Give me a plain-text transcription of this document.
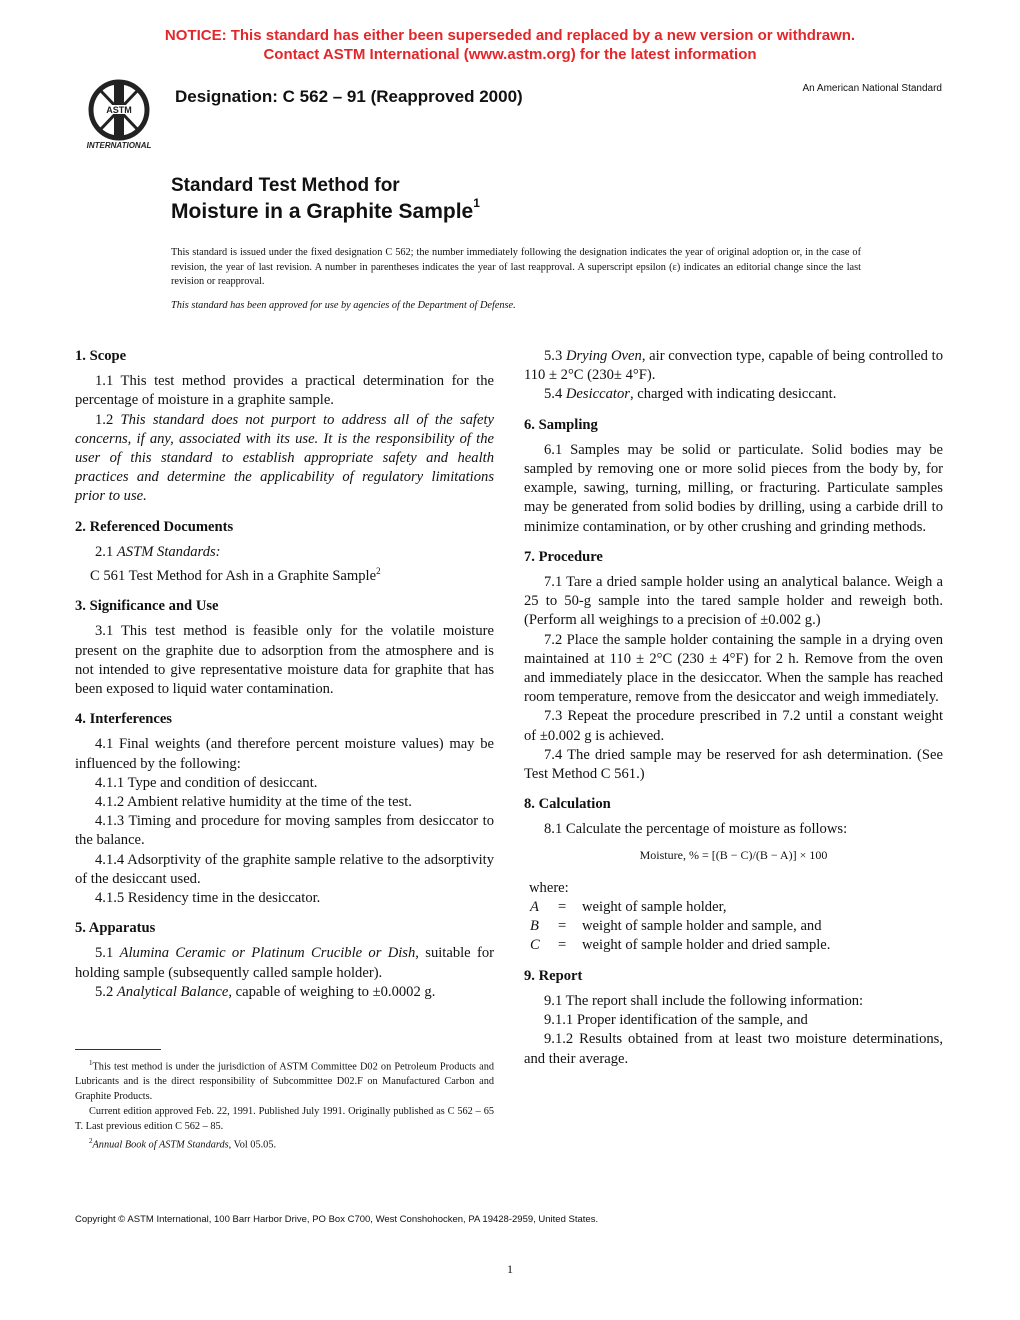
NOTICE: This standard has either been superseded and replaced by a new version or withdrawn.
Contact ASTM International (www.astm.org) for the latest information
ASTM
INTERNATIONAL
Designation: C 562 – 91 (Reapproved 2000)	An American National Standard
Standard Test Method for
Moisture in a Graphite Sample$^1$
This standard is issued under the fixed designation C 562; the number immediately following the designation indicates the year of original adoption or, in the case of revision, the year of last revision. A number in parentheses indicates the year of last reapproval. A superscript epsilon (ε) indicates an editorial change since the last revision or reapproval.
This standard has been approved for use by agencies of the Department of Defense.
1. Scope

1.1 This test method provides a practical determination for the percentage of moisture in a graphite sample.

1.2 This standard does not purport to address all of the safety concerns, if any, associated with its use. It is the responsibility of the user of this standard to establish appropriate safety and health practices and determine the applicability of regulatory limitations prior to use.

2. Referenced Documents

2.1 ASTM Standards:

C 561 Test Method for Ash in a Graphite Sample$^2$

3. Significance and Use

3.1 This test method is feasible only for the volatile moisture present on the graphite due to adsorption from the atmosphere and is not intended to give representative moisture data for graphite that has been exposed to liquid water contamination.

4. Interferences

4.1 Final weights (and therefore percent moisture values) may be influenced by the following:

4.1.1 Type and condition of desiccant.

4.1.2 Ambient relative humidity at the time of the test.

4.1.3 Timing and procedure for moving samples from desiccator to the balance.

4.1.4 Adsorptivity of the graphite sample relative to the adsorptivity of the desiccant used.

4.1.5 Residency time in the desiccator.

5. Apparatus

5.1 Alumina Ceramic or Platinum Crucible or Dish, suitable for holding sample (subsequently called sample holder).

5.2 Analytical Balance, capable of weighing to ±0.0002 g.

5.3 Drying Oven, air convection type, capable of being controlled to 110 ± 2°C (230± 4°F).

5.4 Desiccator, charged with indicating desiccant.

6. Sampling

6.1 Samples may be solid or particulate. Solid bodies may be sampled by removing one or more solid pieces from the body by, for example, sawing, turning, milling, or fracturing. Particulate samples may be generated from solid bodies by drilling, using a carbide drill to minimize contamination, or by other crushing and grinding methods.

7. Procedure

7.1 Tare a dried sample holder using an analytical balance. Weigh a 25 to 50-g sample into the tared sample holder and reweigh both. (Perform all weighings to a precision of ±0.002 g.)

7.2 Place the sample holder containing the sample in a drying oven maintained at 110 ± 2°C (230 ± 4°F) for 2 h. Remove from the oven and immediately place in the desiccator. When the sample has reached room temperature, remove from the desiccator and weigh immediately.

7.3 Repeat the procedure prescribed in 7.2 until a constant weight of ±0.002 g is achieved.

7.4 The dried sample may be reserved for ash determination. (See Test Method C 561.)

8. Calculation

8.1 Calculate the percentage of moisture as follows:

Moisture, % = [(B − C)/(B − A)] × 100

where:

A	=	weight of sample holder,
B	=	weight of sample holder and sample, and
C	=	weight of sample holder and dried sample.
9. Report

9.1 The report shall include the following information:

9.1.1 Proper identification of the sample, and

9.1.2 Results obtained from at least two moisture determinations, and their average.

$^1$This test method is under the jurisdiction of ASTM Committee D02 on Petroleum Products and Lubricants and is the direct responsibility of Subcommittee D02.F on Manufactured Carbon and Graphite Products.

Current edition approved Feb. 22, 1991. Published July 1991. Originally published as C 562 – 65 T. Last previous edition C 562 – 85.

$^2$Annual Book of ASTM Standards, Vol 05.05.

Copyright © ASTM International, 100 Barr Harbor Drive, PO Box C700, West Conshohocken, PA 19428-2959, United States.
1
